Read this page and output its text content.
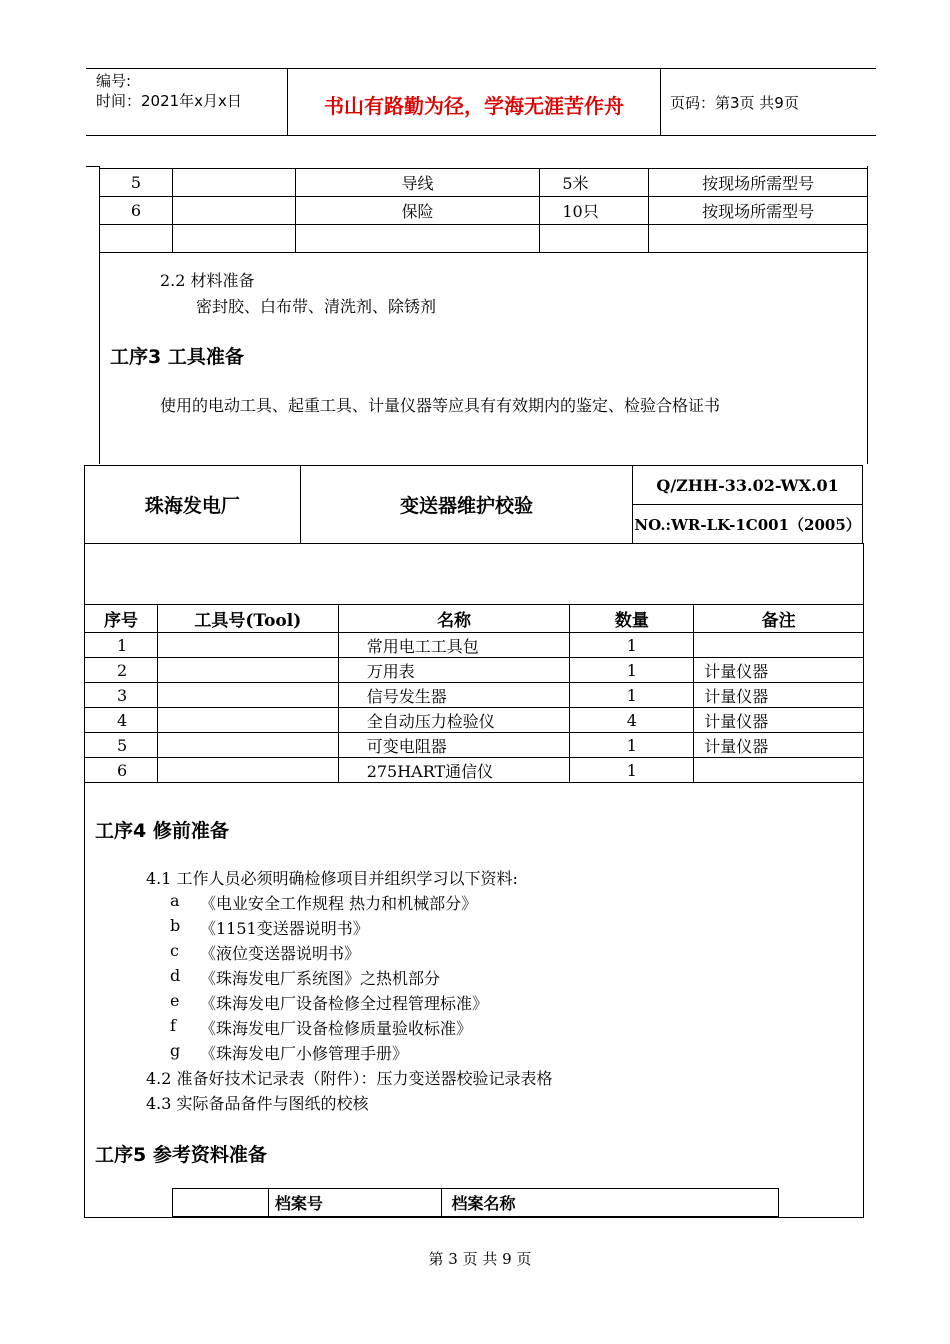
编号:
时间：2021年x月x日	书山有路勤为径，学海无涯苦作舟	页码：第3页 共9页
5		导线	5米	按现场所需型号
6		保险	10只	按现场所需型号

2.2 材料准备
密封胶、白布带、清洗剂、除锈剂
工序3 工具准备
使用的电动工具、起重工具、计量仪器等应具有有效期内的鉴定、检验合格证书
珠海发电厂	变送器维护校验	Q/ZHH-33.02-WX.01
NO.:WR-LK-1C001（2005）
序号	工具号(Tool)	名称	数量	备注
1		常用电工工具包	1	
2		万用表	1	计量仪器
3		信号发生器	1	计量仪器
4		全自动压力检验仪	4	计量仪器
5		可变电阻器	1	计量仪器
6		275HART通信仪	1	
工序4 修前准备
4.1 工作人员必须明确检修项目并组织学习以下资料:
a 《电业安全工作规程 热力和机械部分》
b 《1151变送器说明书》
c 《液位变送器说明书》
d 《珠海发电厂系统图》之热机部分
e 《珠海发电厂设备检修全过程管理标准》
f 《珠海发电厂设备检修质量验收标准》
g 《珠海发电厂小修管理手册》
4.2 准备好技术记录表（附件）：压力变送器校验记录表格
4.3 实际备品备件与图纸的校核
工序5 参考资料准备
	档案号	档案名称
第 3 页 共 9 页
